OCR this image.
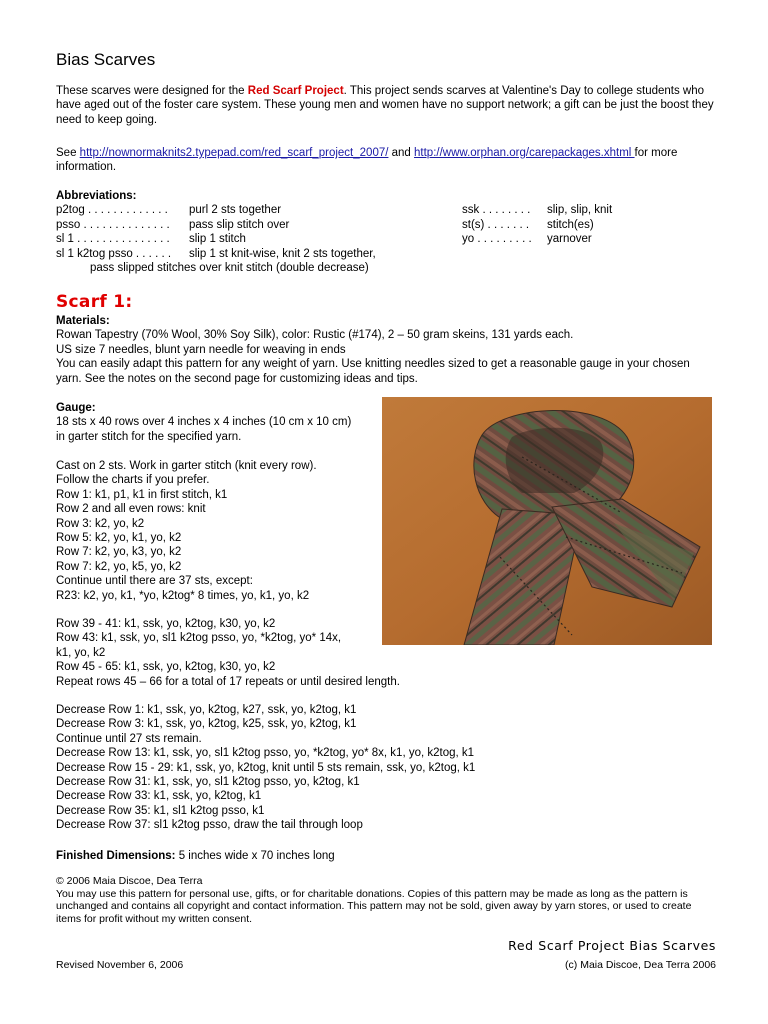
Bias Scarves

These scarves were designed for the Red Scarf Project. This project sends scarves at Valentine's Day to college students who have aged out of the foster care system. These young men and women have no support network; a gift can be just the boost they need to keep going.

See http://nownormaknits2.typepad.com/red_scarf_project_2007/ and http://www.orphan.org/carepackages.xhtml for more information.

Abbreviations:
p2tog . . . . . . . . . . . . . purl 2 sts together	ssk . . . . . . . . slip, slip, knit
psso . . . . . . . . . . . . . . pass slip stitch over	st(s) . . . . . . . stitch(es)
sl 1 . . . . . . . . . . . . . . . slip 1 stitch	yo . . . . . . . . . yarnover
sl 1 k2tog psso . . . . . . slip 1 st knit-wise, knit 2 sts together,
pass slipped stitches over knit stitch (double decrease)
Scarf 1:
Materials:
Rowan Tapestry (70% Wool, 30% Soy Silk), color: Rustic (#174), 2 – 50 gram skeins, 131 yards each.
US size 7 needles, blunt yarn needle for weaving in ends
You can easily adapt this pattern for any weight of yarn. Use knitting needles sized to get a reasonable gauge in your chosen yarn. See the notes on the second page for customizing ideas and tips.
Gauge:
18 sts x 40 rows over 4 inches x 4 inches (10 cm x 10 cm) in garter stitch for the specified yarn.
Cast on 2 sts. Work in garter stitch (knit every row).
Follow the charts if you prefer.
Row 1: k1, p1, k1 in first stitch, k1
Row 2 and all even rows: knit
Row 3: k2, yo, k2
Row 5: k2, yo, k1, yo, k2
Row 7: k2, yo, k3, yo, k2
Row 7: k2, yo, k5, yo, k2
Continue until there are 37 sts, except:
R23: k2, yo, k1, *yo, k2tog* 8 times, yo, k1, yo, k2
Row 39 - 41: k1, ssk, yo, k2tog, k30, yo, k2
Row 43: k1, ssk, yo, sl1 k2tog psso, yo, *k2tog, yo* 14x,
k1, yo, k2
Row 45 - 65: k1, ssk, yo, k2tog, k30, yo, k2
Repeat rows 45 – 66 for a total of 17 repeats or until desired length.
Decrease Row 1: k1, ssk, yo, k2tog, k27, ssk, yo, k2tog, k1
Decrease Row 3: k1, ssk, yo, k2tog, k25, ssk, yo, k2tog, k1
Continue until 27 sts remain.
Decrease Row 13: k1, ssk, yo, sl1 k2tog psso, yo, *k2tog, yo* 8x, k1, yo, k2tog, k1
Decrease Row 15 - 29: k1, ssk, yo, k2tog, knit until 5 sts remain, ssk, yo, k2tog, k1
Decrease Row 31: k1, ssk, yo, sl1 k2tog psso, yo, k2tog, k1
Decrease Row 33: k1, ssk, yo, k2tog, k1
Decrease Row 35: k1, sl1 k2tog psso, k1
Decrease Row 37: sl1 k2tog psso, draw the tail through loop
Finished Dimensions: 5 inches wide x 70 inches long
© 2006 Maia Discoe, Dea Terra
You may use this pattern for personal use, gifts, or for charitable donations. Copies of this pattern may be made as long as the pattern is unchanged and contains all copyright and contact information. This pattern may not be sold, given away by yarn stores, or used to create items for profit without my written consent.
Red Scarf Project Bias Scarves
Revised November 6, 2006	(c) Maia Discoe, Dea Terra 2006
